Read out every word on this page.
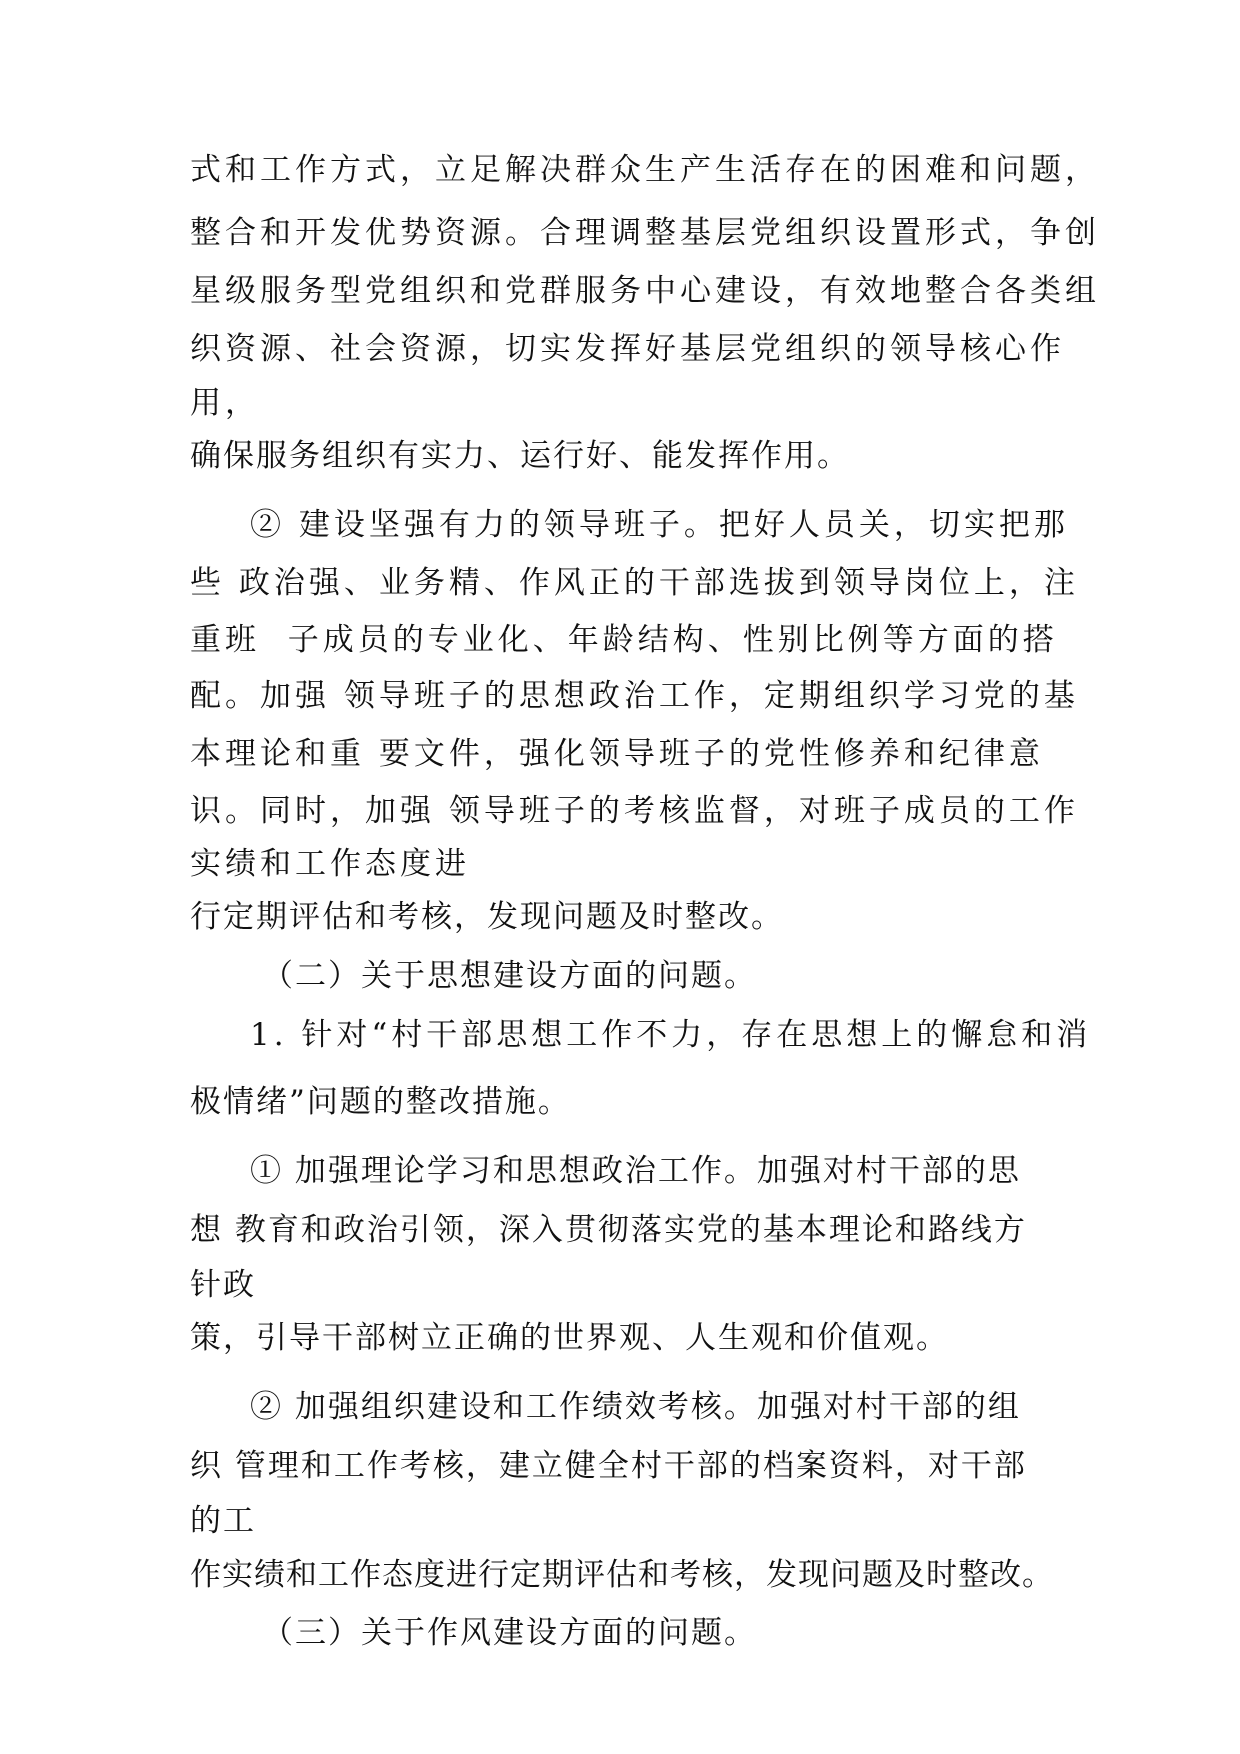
式和工作方式，立足解决群众生产生活存在的困难和问题，
整合和开发优势资源。合理调整基层党组织设置形式，争创
星级服务型党组织和党群服务中心建设，有效地整合各类组
织资源、社会资源，切实发挥好基层党组织的领导核心作
用，
确保服务组织有实力、运行好、能发挥作用。
② 建设坚强有力的领导班子。把好人员关，切实把那
些 政治强、业务精、作风正的干部选拔到领导岗位上，注
重班  子成员的专业化、年龄结构、性别比例等方面的搭
配。加强 领导班子的思想政治工作，定期组织学习党的基
本理论和重 要文件，强化领导班子的党性修养和纪律意
识。同时，加强 领导班子的考核监督，对班子成员的工作
实绩和工作态度进
行定期评估和考核，发现问题及时整改。
（二）关于思想建设方面的问题。
1. 针对“村干部思想工作不力，存在思想上的懈怠和消
极情绪”问题的整改措施。
① 加强理论学习和思想政治工作。加强对村干部的思
想 教育和政治引领，深入贯彻落实党的基本理论和路线方
针政
策，引导干部树立正确的世界观、人生观和价值观。
② 加强组织建设和工作绩效考核。加强对村干部的组
织 管理和工作考核，建立健全村干部的档案资料，对干部
的工
作实绩和工作态度进行定期评估和考核，发现问题及时整改。
（三）关于作风建设方面的问题。
